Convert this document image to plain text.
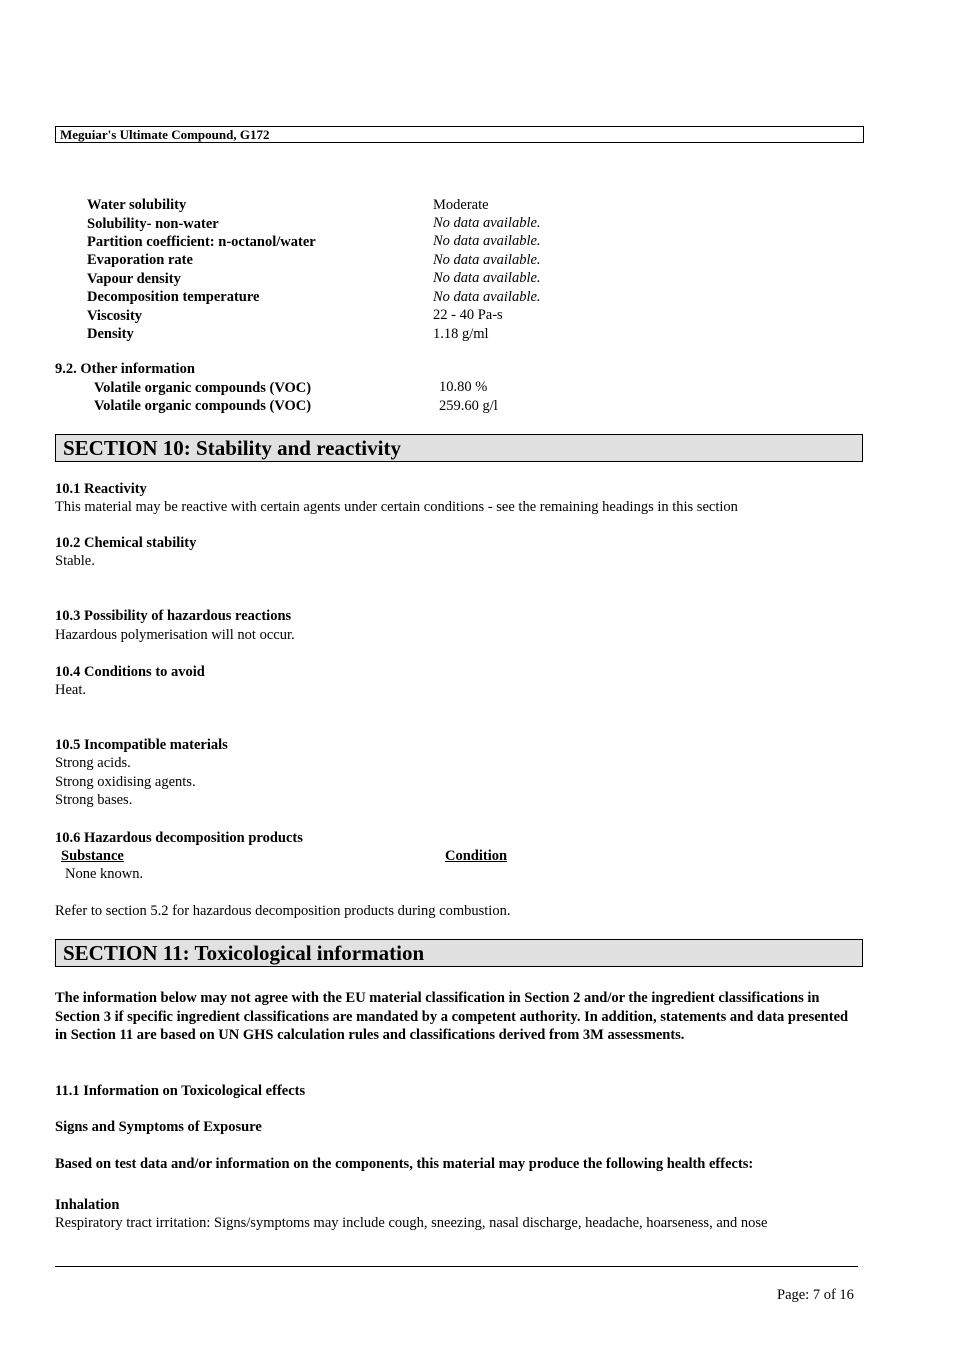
Meguiar's Ultimate Compound, G172
Water solubility	Moderate
Solubility- non-water	No data available.
Partition coefficient: n-octanol/water	No data available.
Evaporation rate	No data available.
Vapour density	No data available.
Decomposition temperature	No data available.
Viscosity	22 - 40 Pa-s
Density	1.18 g/ml
9.2. Other information
Volatile organic compounds (VOC)	10.80 %
Volatile organic compounds (VOC)	259.60 g/l
SECTION 10: Stability and reactivity
10.1 Reactivity
This material may be reactive with certain agents under certain conditions - see the remaining headings in this section
10.2 Chemical stability
Stable.
10.3 Possibility of hazardous reactions
Hazardous polymerisation will not occur.
10.4 Conditions to avoid
Heat.
10.5 Incompatible materials
Strong acids.
Strong oxidising agents.
Strong bases.
10.6 Hazardous decomposition products
Substance	Condition
None known.
Refer to section 5.2 for hazardous decomposition products during combustion.
SECTION 11: Toxicological information
The information below may not agree with the EU material classification in Section 2 and/or the ingredient classifications in Section 3 if specific ingredient classifications are mandated by a competent authority. In addition, statements and data presented in Section 11 are based on UN GHS calculation rules and classifications derived from 3M assessments.
11.1 Information on Toxicological effects
Signs and Symptoms of Exposure
Based on test data and/or information on the components, this material may produce the following health effects:
Inhalation
Respiratory tract irritation: Signs/symptoms may include cough, sneezing, nasal discharge, headache, hoarseness, and nose
Page: 7 of 16
